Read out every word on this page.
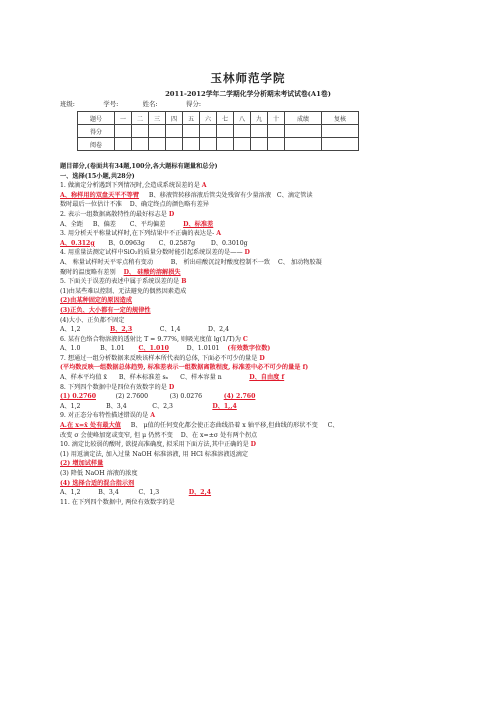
玉林师范学院
2011-2012学年二学期化学分析期末考试试卷(A1卷)
班级:              学号:            姓名:              得分:
题号	一	二	三	四	五	六	七	八	九	十	成绩	复核
得分												
阅卷												
题目部分,(卷面共有34题,100分,各大题标有题量和总分)
一、选择(15小题,共28分)
1. 做滴定分析遇到下列情况时,会造成系统误差的是 A
A、称样用的双盘天平不等臂     B、移液管转移溶液后管尖处残留有少量溶液   C、滴定管读
数时最后一位估计不准    D、确定终点的颜色略有差异
2. 表示一组数据离散特性的最好标志是 D
A、全距     B、偏差       C、平均偏差         D、标准差
3. 用分析天平称量试样时,在下列结果中不正确的表达是- A
A、0.312g       B、0.0963g       C、0.2587g        D、0.3010g
4. 用重量法测定试样中SiO₂的质量分数时能引起系统误差的是—— D
A、 称量试样时天平零点稍有变动         B、 析出硅酸沉淀时酸度控制不一致    C、 加动物胶凝
聚时的温度略有差别    D、 硅酸的溶解损失
5. 下面关于误差的表述中属于系统误差的是 B
(1)由某些难以控制、无法避免的偶然因素造成
(2)由某种固定的原因造成
(3)正负、大小都有一定的规律性
(4)大小、正负都不固定
A、1,2               B、2,3              C、1,4              D、2,4
6. 某有色络合物溶液的透射比 T = 9.77%, 则吸光度值 lg(1/T)为 C
A、1.0          B、1.01       C、1.010         D、1.0101    (有效数字位数)
7. 想通过一组分析数据来反映该样本所代表的总体, 下面必不可少的量是 D
(平均数反映一组数据总体趋势, 标准差表示一组数据离散程度, 标准差中必不可少的量是 f)
A、样本平均值 x̄      B、样本标准差 sₓ      C、样本容量 n              D、自由度 f
8. 下列四个数据中是四位有效数字的是 D
(1) 0.2760          (2) 2.7600           (3) 0.0276           (4) 2.760
A、1,2             B、3,4             C、2,3                    D、1,,4
9. 对正态分布特性描述错误的是 A
A.在 x=x̄ 处有最大值     B、 μ值的任何变化都会使正态曲线沿着 x 轴平移,但曲线的形状不变     C、
改变 σ 会使峰加宽或变窄, 但 μ 仍然不变    D、在 x=±σ 处有两个拐点
10. 滴定比较弱的酸时, 欲提高准确度, 拟采用下面方法,其中正确的是 D
(1) 用返滴定法, 加入过量 NaOH 标准溶液, 用 HCl 标准溶液返滴定
(2) 增加试样量
(3) 降低 NaOH 溶液的浓度
(4) 选择合适的混合指示剂
A、1,2         B、3,4          C、1,3               D、2,4
11. 在下列四个数据中, 两位有效数字的是
